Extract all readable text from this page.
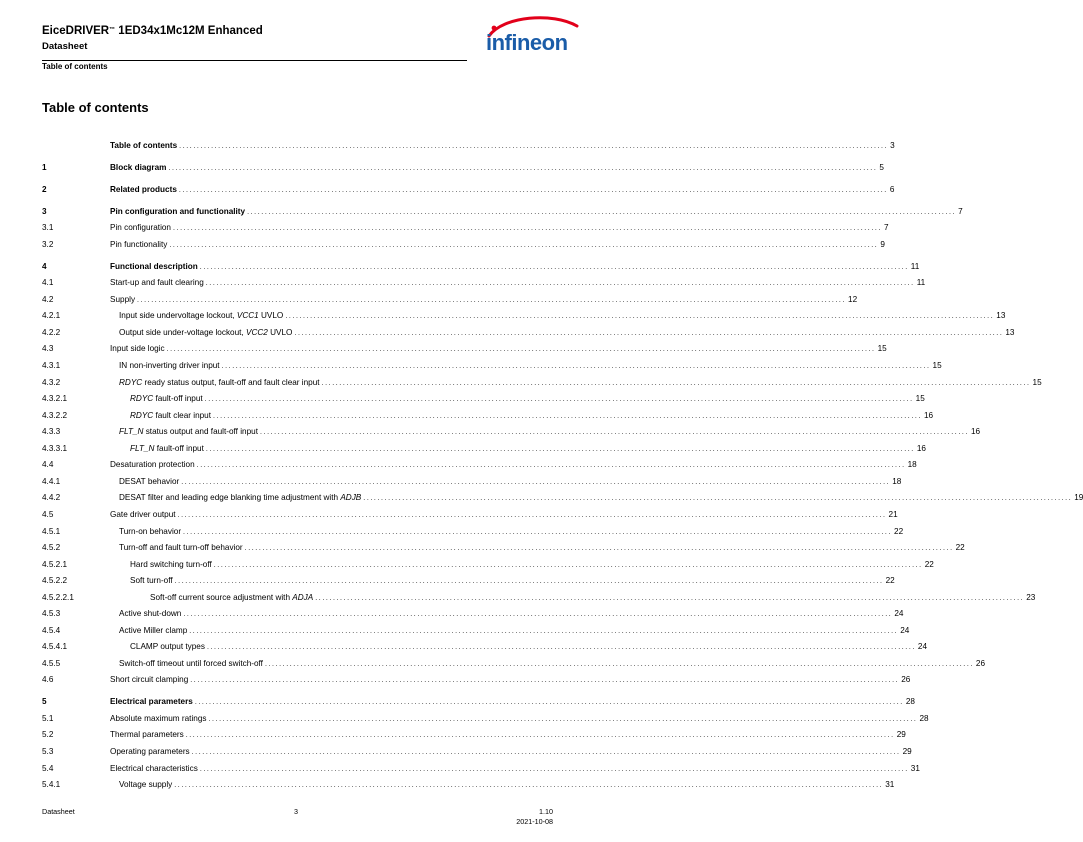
EiceDRIVER™ 1ED34x1Mc12M Enhanced
Datasheet
Table of contents
infineon
Table of contents
Table of contents ........................................................................................................................................................................................................ 3
1	Block diagram ........................................................................................................................................................................................................ 5
2	Related products ........................................................................................................................................................................................................ 6
3	Pin configuration and functionality ........................................................................................................................................................................................................ 7
3.1	Pin configuration ........................................................................................................................................................................................................ 7
3.2	Pin functionality ........................................................................................................................................................................................................ 9
4	Functional description ........................................................................................................................................................................................................ 11
4.1	Start-up and fault clearing ........................................................................................................................................................................................................ 11
4.2	Supply ........................................................................................................................................................................................................ 12
4.2.1	Input side undervoltage lockout, VCC1 UVLO ........................................................................................................................................................................................................ 13
4.2.2	Output side under-voltage lockout, VCC2 UVLO ........................................................................................................................................................................................................ 13
4.3	Input side logic ........................................................................................................................................................................................................ 15
4.3.1	IN non-inverting driver input ........................................................................................................................................................................................................ 15
4.3.2	RDYC ready status output, fault-off and fault clear input ........................................................................................................................................................................................................ 15
4.3.2.1	RDYC fault-off input ........................................................................................................................................................................................................ 15
4.3.2.2	RDYC fault clear input ........................................................................................................................................................................................................ 16
4.3.3	FLT_N status output and fault-off input ........................................................................................................................................................................................................ 16
4.3.3.1	FLT_N fault-off input ........................................................................................................................................................................................................ 16
4.4	Desaturation protection ........................................................................................................................................................................................................ 18
4.4.1	DESAT behavior ........................................................................................................................................................................................................ 18
4.4.2	DESAT filter and leading edge blanking time adjustment with ADJB ........................................................................................................................................................................................................ 19
4.5	Gate driver output ........................................................................................................................................................................................................ 21
4.5.1	Turn-on behavior ........................................................................................................................................................................................................ 22
4.5.2	Turn-off and fault turn-off behavior ........................................................................................................................................................................................................ 22
4.5.2.1	Hard switching turn-off ........................................................................................................................................................................................................ 22
4.5.2.2	Soft turn-off ........................................................................................................................................................................................................ 22
4.5.2.2.1	Soft-off current source adjustment with ADJA ........................................................................................................................................................................................................ 23
4.5.3	Active shut-down ........................................................................................................................................................................................................ 24
4.5.4	Active Miller clamp ........................................................................................................................................................................................................ 24
4.5.4.1	CLAMP output types ........................................................................................................................................................................................................ 24
4.5.5	Switch-off timeout until forced switch-off ........................................................................................................................................................................................................ 26
4.6	Short circuit clamping ........................................................................................................................................................................................................ 26
5	Electrical parameters ........................................................................................................................................................................................................ 28
5.1	Absolute maximum ratings ........................................................................................................................................................................................................ 28
5.2	Thermal parameters ........................................................................................................................................................................................................ 29
5.3	Operating parameters ........................................................................................................................................................................................................ 29
5.4	Electrical characteristics ........................................................................................................................................................................................................ 31
5.4.1	Voltage supply ........................................................................................................................................................................................................ 31
Datasheet	3	1.10
2021-10-08
